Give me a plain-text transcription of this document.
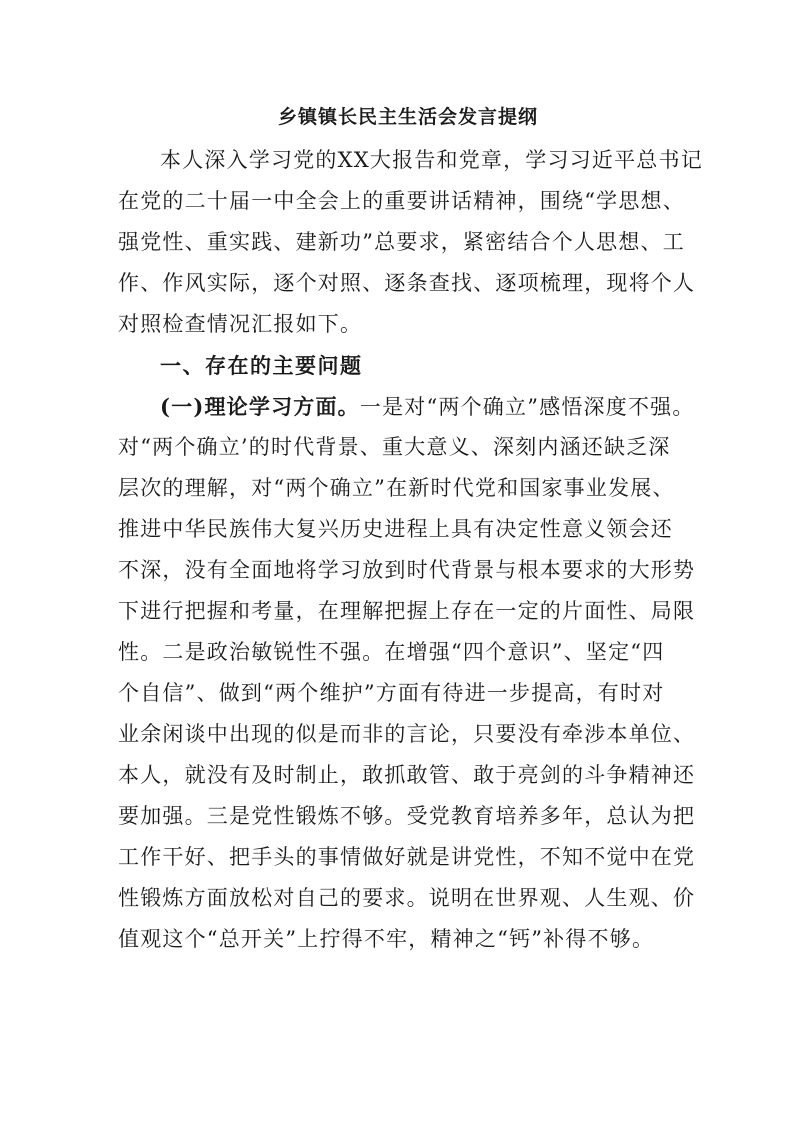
乡镇镇长民主生活会发言提纲
本人深入学习党的XX大报告和党章，学习习近平总书记
在党的二十届一中全会上的重要讲话精神，围绕“学思想、
强党性、重实践、建新功”总要求，紧密结合个人思想、工
作、作风实际，逐个对照、逐条查找、逐项梳理，现将个人
对照检查情况汇报如下。
一、存在的主要问题
(一)理论学习方面。一是对“两个确立”感悟深度不强。
对“两个确立’的时代背景、重大意义、深刻内涵还缺乏深
层次的理解，对“两个确立”在新时代党和国家事业发展、
推进中华民族伟大复兴历史进程上具有决定性意义领会还
不深，没有全面地将学习放到时代背景与根本要求的大形势
下进行把握和考量，在理解把握上存在一定的片面性、局限
性。二是政治敏锐性不强。在增强“四个意识”、坚定“四
个自信”、做到“两个维护”方面有待进一步提高，有时对
业余闲谈中出现的似是而非的言论，只要没有牵涉本单位、
本人，就没有及时制止，敢抓敢管、敢于亮剑的斗争精神还
要加强。三是党性锻炼不够。受党教育培养多年，总认为把
工作干好、把手头的事情做好就是讲党性，不知不觉中在党
性锻炼方面放松对自己的要求。说明在世界观、人生观、价
值观这个“总开关”上拧得不牢，精神之“钙”补得不够。
